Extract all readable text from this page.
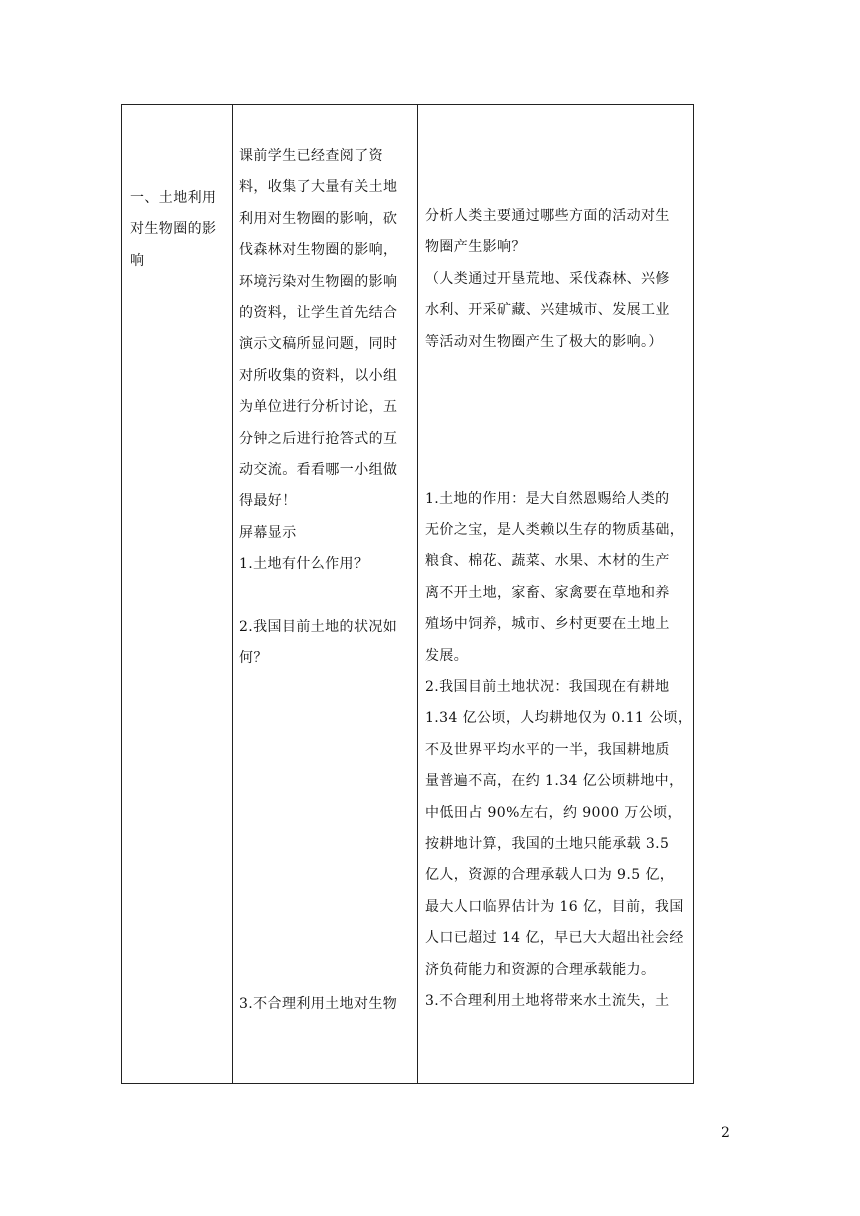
一、土地利用
对生物圈的影
响

课前学生已经查阅了资
料，收集了大量有关土地
利用对生物圈的影响，砍
伐森林对生物圈的影响，
环境污染对生物圈的影响
的资料，让学生首先结合
演示文稿所显问题，同时
对所收集的资料，以小组
为单位进行分析讨论，五
分钟之后进行抢答式的互
动交流。看看哪一小组做
得最好！
屏幕显示
1.土地有什么作用？
2.我国目前土地的状况如
何？
3.不合理利用土地对生物

分析人类主要通过哪些方面的活动对生
物圈产生影响？
（人类通过开垦荒地、采伐森林、兴修
水利、开采矿藏、兴建城市、发展工业
等活动对生物圈产生了极大的影响。）
1.土地的作用：是大自然恩赐给人类的
无价之宝，是人类赖以生存的物质基础，
粮食、棉花、蔬菜、水果、木材的生产
离不开土地，家畜、家禽要在草地和养
殖场中饲养，城市、乡村更要在土地上
发展。
2.我国目前土地状况：我国现在有耕地
1.34 亿公顷，人均耕地仅为 0.11 公顷，
不及世界平均水平的一半，我国耕地质
量普遍不高，在约 1.34 亿公顷耕地中，
中低田占 90%左右，约 9000 万公顷，
按耕地计算，我国的土地只能承载 3.5
亿人，资源的合理承载人口为 9.5 亿，
最大人口临界估计为 16 亿，目前，我国
人口已超过 14 亿，早已大大超出社会经
济负荷能力和资源的合理承载能力。
3.不合理利用土地将带来水土流失，土

2
